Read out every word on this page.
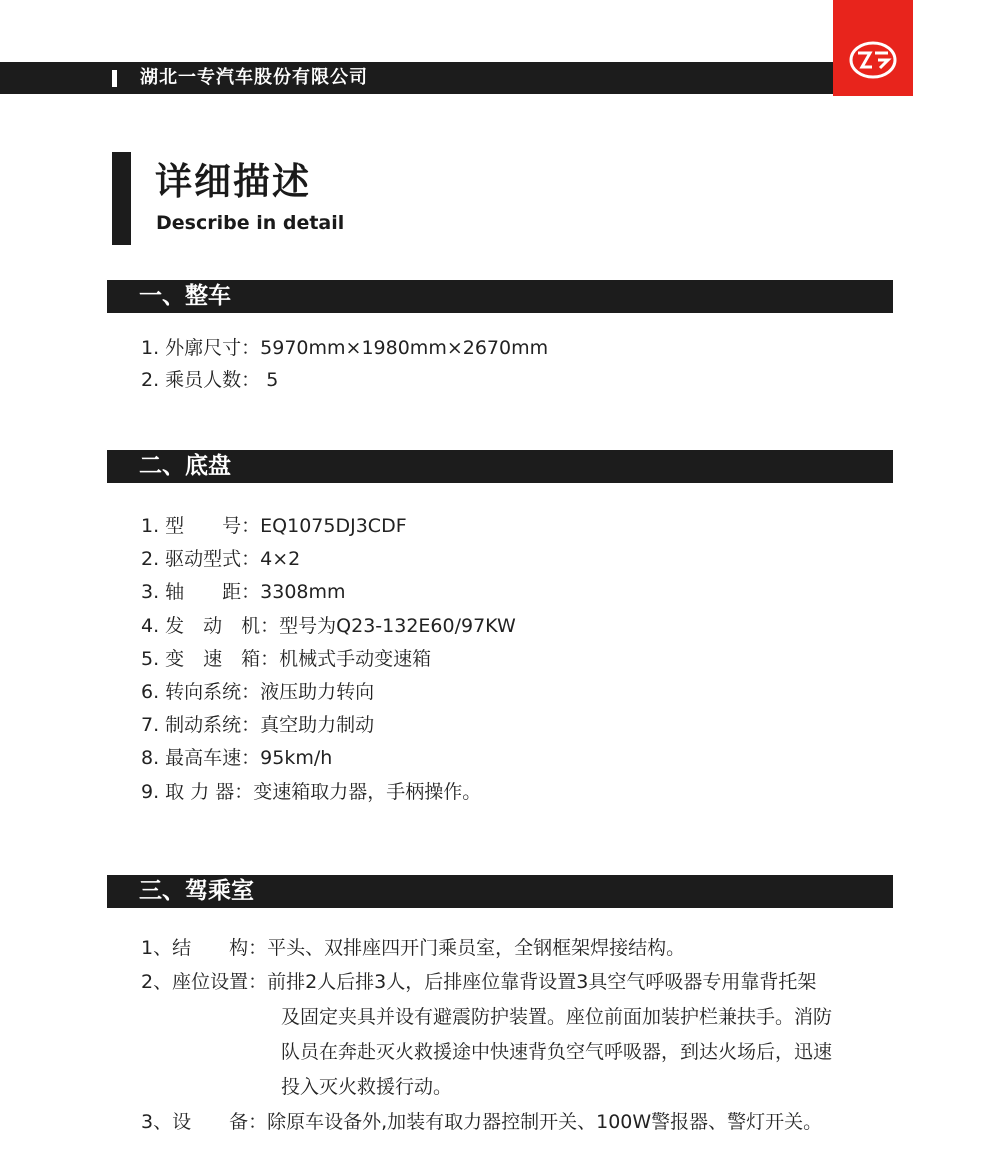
湖北一专汽车股份有限公司
详细描述
Describe in detail
一、整车
1. 外廓尺寸：5970mm×1980mm×2670mm
2. 乘员人数： 5
二、底盘
1. 型　　号：EQ1075DJ3CDF
2. 驱动型式：4×2
3. 轴　　距：3308mm
4. 发　动　机：型号为Q23-132E60/97KW
5. 变　速　箱：机械式手动变速箱
6. 转向系统：液压助力转向
7. 制动系统：真空助力制动
8. 最高车速：95km/h
9. 取 力 器：变速箱取力器，手柄操作。
三、驾乘室
1、结　　构：平头、双排座四开门乘员室，全钢框架焊接结构。
2、座位设置：前排2人后排3人，后排座位靠背设置3具空气呼吸器专用靠背托架
及固定夹具并设有避震防护装置。座位前面加装护栏兼扶手。消防
队员在奔赴灭火救援途中快速背负空气呼吸器，到达火场后，迅速
投入灭火救援行动。
3、设　　备：除原车设备外,加装有取力器控制开关、100W警报器、警灯开关。
